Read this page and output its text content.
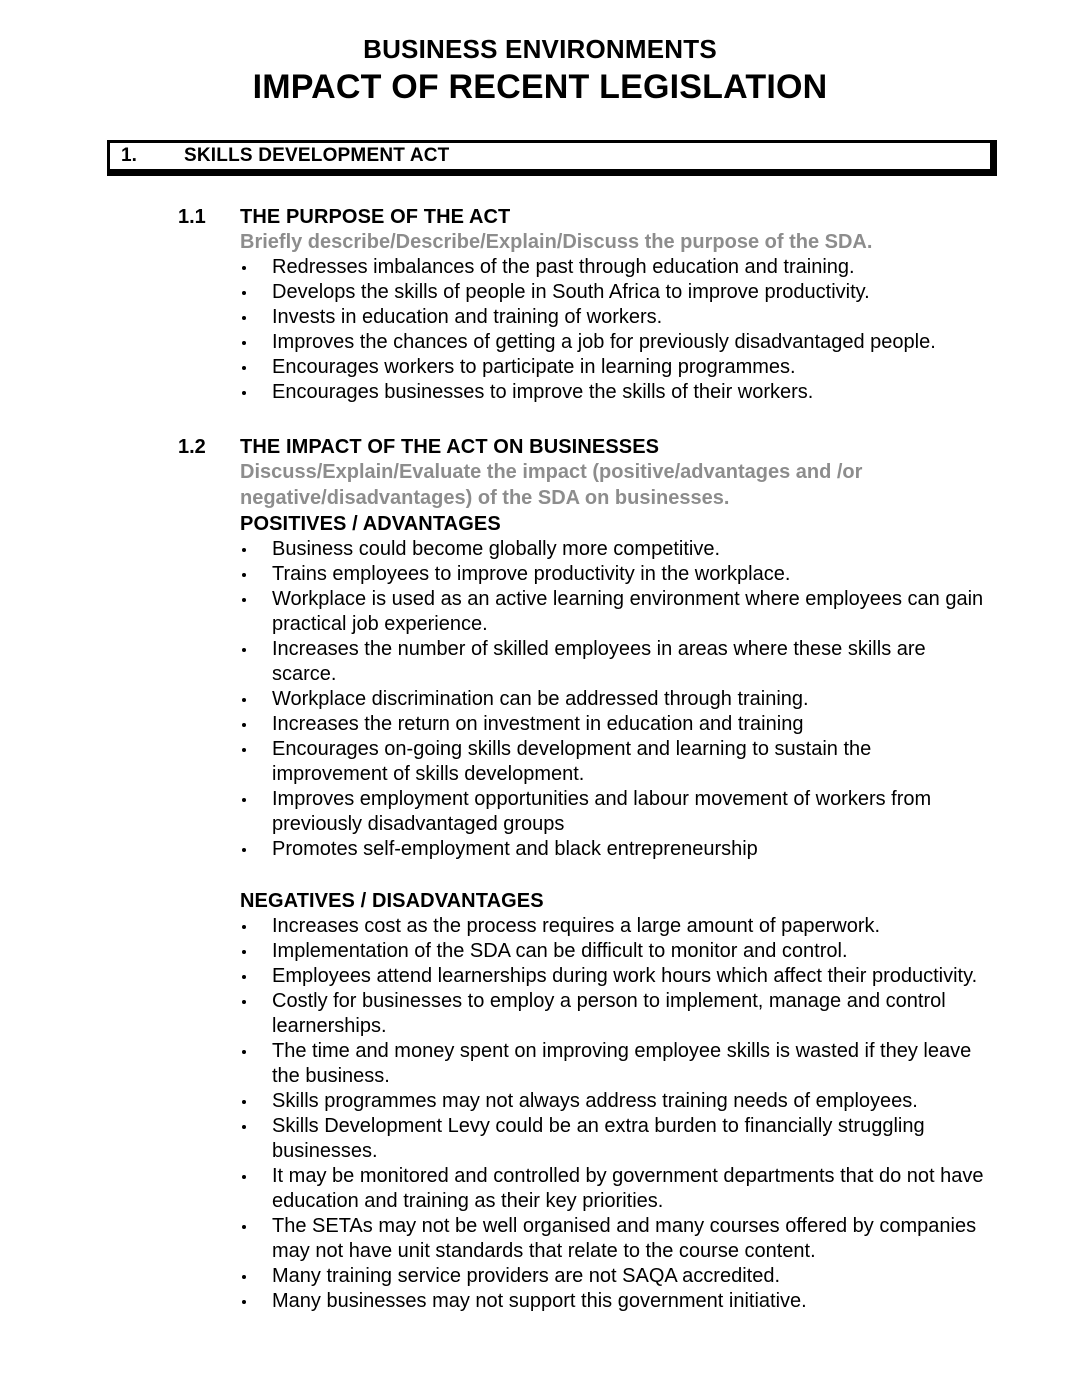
BUSINESS ENVIRONMENTS
IMPACT OF RECENT LEGISLATION
1.	SKILLS DEVELOPMENT ACT
1.1	THE PURPOSE OF THE ACT
Briefly describe/Describe/Explain/Discuss the purpose of the SDA.
Redresses imbalances of the past through education and training.
Develops the skills of people in South Africa to improve productivity.
Invests in education and training of workers.
Improves the chances of getting a job for previously disadvantaged people.
Encourages workers to participate in learning programmes.
Encourages businesses to improve the skills of their workers.
1.2	THE IMPACT OF THE ACT ON BUSINESSES
Discuss/Explain/Evaluate the impact (positive/advantages and /or negative/disadvantages) of the SDA on businesses.
POSITIVES / ADVANTAGES
Business could become globally more competitive.
Trains employees to improve productivity in the workplace.
Workplace is used as an active learning environment where employees can gain practical job experience.
Increases the number of skilled employees in areas where these skills are scarce.
Workplace discrimination can be addressed through training.
Increases the return on investment in education and training
Encourages on-going skills development and learning to sustain the improvement of skills development.
Improves employment opportunities and labour movement of workers from previously disadvantaged groups
Promotes self-employment and black entrepreneurship
NEGATIVES / DISADVANTAGES
Increases cost as the process requires a large amount of paperwork.
Implementation of the SDA can be difficult to monitor and control.
Employees attend learnerships during work hours which affect their productivity.
Costly for businesses to employ a person to implement, manage and control learnerships.
The time and money spent on improving employee skills is wasted if they leave the business.
Skills programmes may not always address training needs of employees.
Skills Development Levy could be an extra burden to financially struggling businesses.
It may be monitored and controlled by government departments that do not have education and training as their key priorities.
The SETAs may not be well organised and many courses offered by companies may not have unit standards that relate to the course content.
Many training service providers are not SAQA accredited.
Many businesses may not support this government initiative.
